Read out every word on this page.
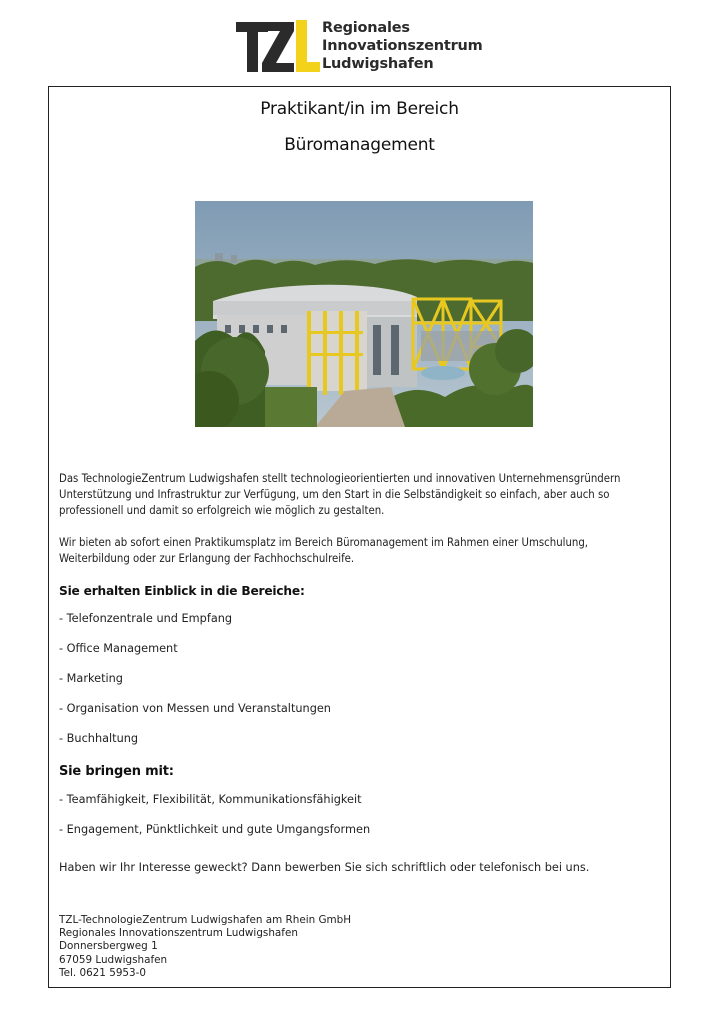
Regionales
Innovationszentrum
Ludwigshafen
Praktikant/in im Bereich
Büromanagement
Das TechnologieZentrum Ludwigshafen stellt technologieorientierten und innovativen Unternehmensgründern Unterstützung und Infrastruktur zur Verfügung, um den Start in die Selbständigkeit so einfach, aber auch so professionell und damit so erfolgreich wie möglich zu gestalten.
Wir bieten ab sofort einen Praktikumsplatz im Bereich Büromanagement im Rahmen einer Umschulung, Weiterbildung oder zur Erlangung der Fachhochschulreife.
Sie erhalten Einblick in die Bereiche:
- Telefonzentrale und Empfang
- Office Management
- Marketing
- Organisation von Messen und Veranstaltungen
- Buchhaltung
Sie bringen mit:
- Teamfähigkeit, Flexibilität, Kommunikationsfähigkeit
- Engagement, Pünktlichkeit und gute Umgangsformen
Haben wir Ihr Interesse geweckt? Dann bewerben Sie sich schriftlich oder telefonisch bei uns.
TZL-TechnologieZentrum Ludwigshafen am Rhein GmbH
Regionales Innovationszentrum Ludwigshafen
Donnersbergweg 1
67059 Ludwigshafen
Tel. 0621 5953-0
